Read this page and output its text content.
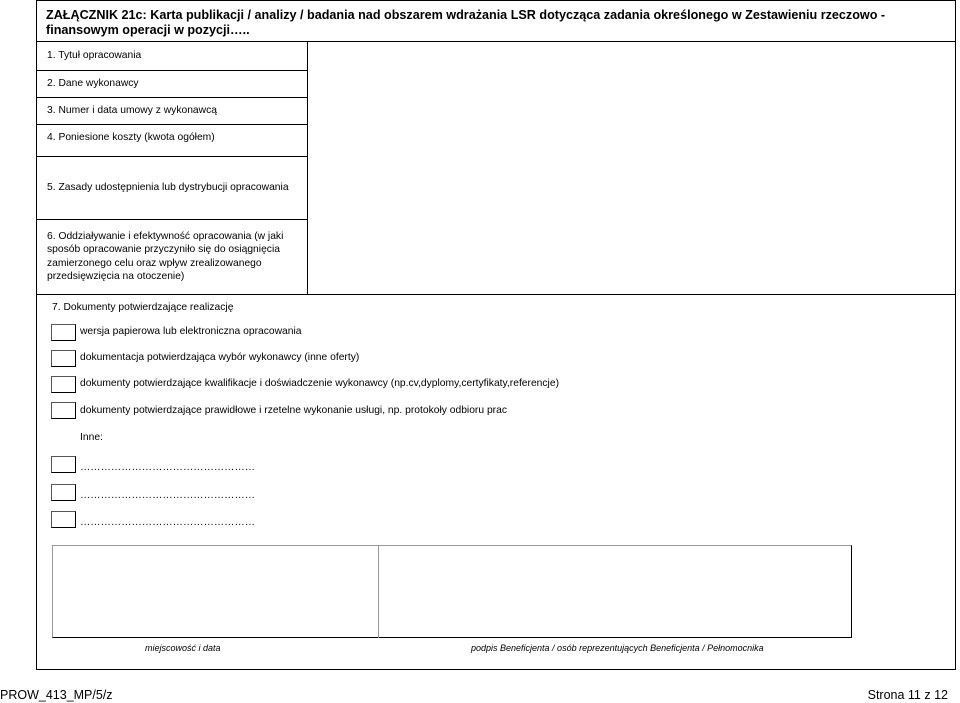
ZAŁĄCZNIK 21c: Karta publikacji / analizy / badania nad obszarem wdrażania LSR dotycząca zadania określonego w Zestawieniu rzeczowo - finansowym operacji w pozycji…..
1. Tytuł opracowania
2. Dane wykonawcy
3. Numer i data umowy z wykonawcą
4. Poniesione koszty (kwota ogółem)
5. Zasady udostępnienia lub dystrybucji opracowania
6. Oddziaływanie i efektywność opracowania (w jaki sposób opracowanie przyczyniło się do osiągnięcia zamierzonego celu oraz wpływ zrealizowanego przedsięwzięcia na otoczenie)
7. Dokumenty potwierdzające realizację
wersja papierowa lub elektroniczna opracowania
dokumentacja potwierdzająca wybór wykonawcy (inne oferty)
dokumenty potwierdzające kwalifikacje i doświadczenie wykonawcy (np.cv,dyplomy,certyfikaty,referencje)
dokumenty potwierdzające prawidłowe i rzetelne wykonanie usługi, np. protokoły odbioru prac
Inne:
……………………………………………
……………………………………………
……………………………………………
miejscowość i data	podpis Beneficjenta / osób reprezentujących Beneficjenta / Pełnomocnika
PROW_413_MP/5/z	Strona 11 z 12
